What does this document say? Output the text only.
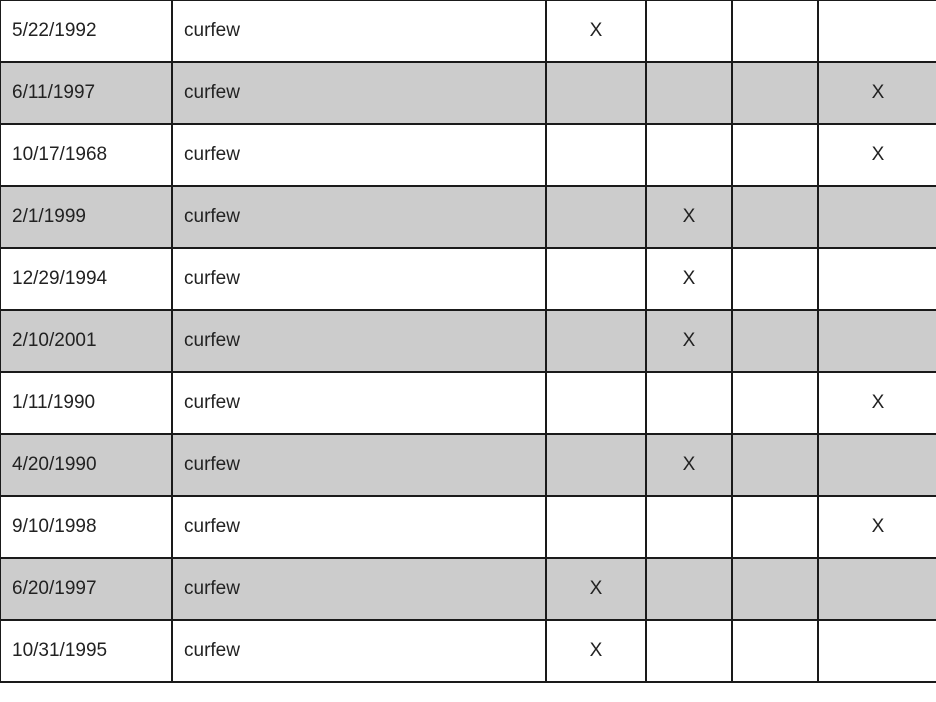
5/22/1992	curfew	X			
6/11/1997	curfew				X
10/17/1968	curfew				X
2/1/1999	curfew		X		
12/29/1994	curfew		X		
2/10/2001	curfew		X		
1/11/1990	curfew				X
4/20/1990	curfew		X		
9/10/1998	curfew				X
6/20/1997	curfew	X			
10/31/1995	curfew	X			
